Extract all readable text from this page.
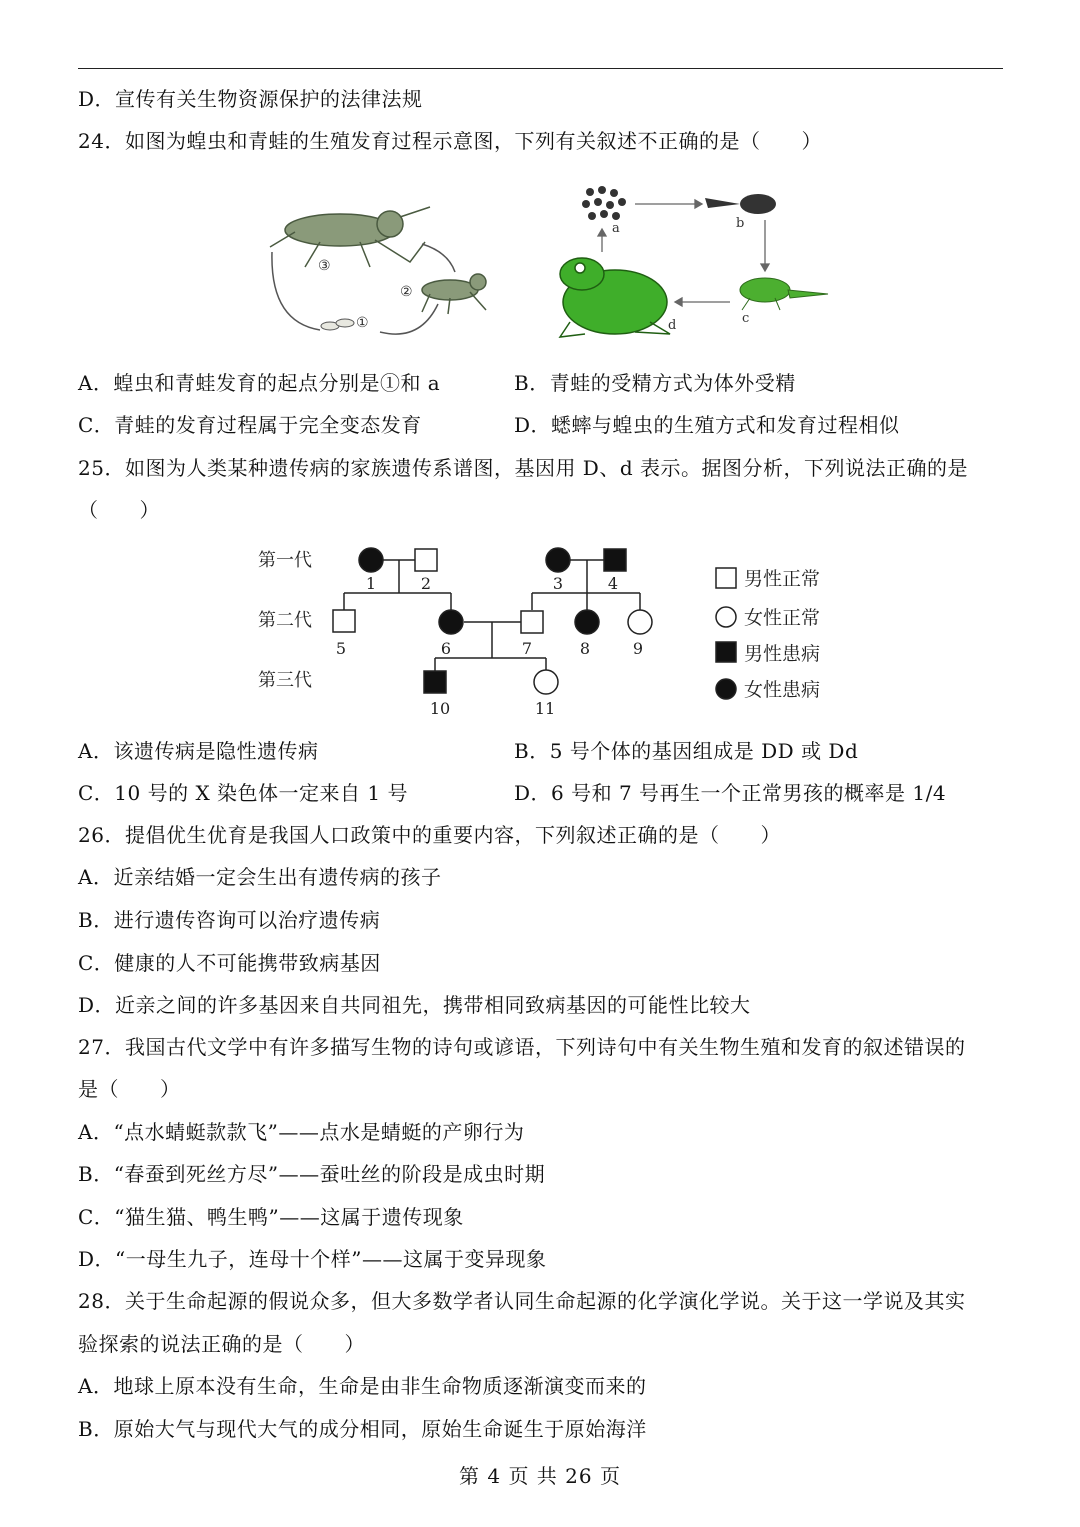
D．宣传有关生物资源保护的法律法规
24．如图为蝗虫和青蛙的生殖发育过程示意图，下列有关叙述不正确的是（　　）
③
②
①
a	b
c
d
A．蝗虫和青蛙发育的起点分别是①和 a	B．青蛙的受精方式为体外受精
C．青蛙的发育过程属于完全变态发育	D．蟋蟀与蝗虫的生殖方式和发育过程相似
25．如图为人类某种遗传病的家族遗传系谱图，基因用 D、d 表示。据图分析，下列说法正确的是
（　　）
第一代
第二代
第三代
1	2	3	4
5	6	7	8	9
10	11
男性正常
女性正常
男性患病
女性患病
A．该遗传病是隐性遗传病	B．5 号个体的基因组成是 DD 或 Dd
C．10 号的 X 染色体一定来自 1 号	D．6 号和 7 号再生一个正常男孩的概率是 1/4
26．提倡优生优育是我国人口政策中的重要内容，下列叙述正确的是（　　）
A．近亲结婚一定会生出有遗传病的孩子
B．进行遗传咨询可以治疗遗传病
C．健康的人不可能携带致病基因
D．近亲之间的许多基因来自共同祖先，携带相同致病基因的可能性比较大
27．我国古代文学中有许多描写生物的诗句或谚语，下列诗句中有关生物生殖和发育的叙述错误的
是（　　）
A．“点水蜻蜓款款飞”——点水是蜻蜓的产卵行为
B．“春蚕到死丝方尽”——蚕吐丝的阶段是成虫时期
C．“猫生猫、鸭生鸭”——这属于遗传现象
D．“一母生九子，连母十个样”——这属于变异现象
28．关于生命起源的假说众多，但大多数学者认同生命起源的化学演化学说。关于这一学说及其实
验探索的说法正确的是（　　）
A．地球上原本没有生命，生命是由非生命物质逐渐演变而来的
B．原始大气与现代大气的成分相同，原始生命诞生于原始海洋
第 4 页 共 26 页
